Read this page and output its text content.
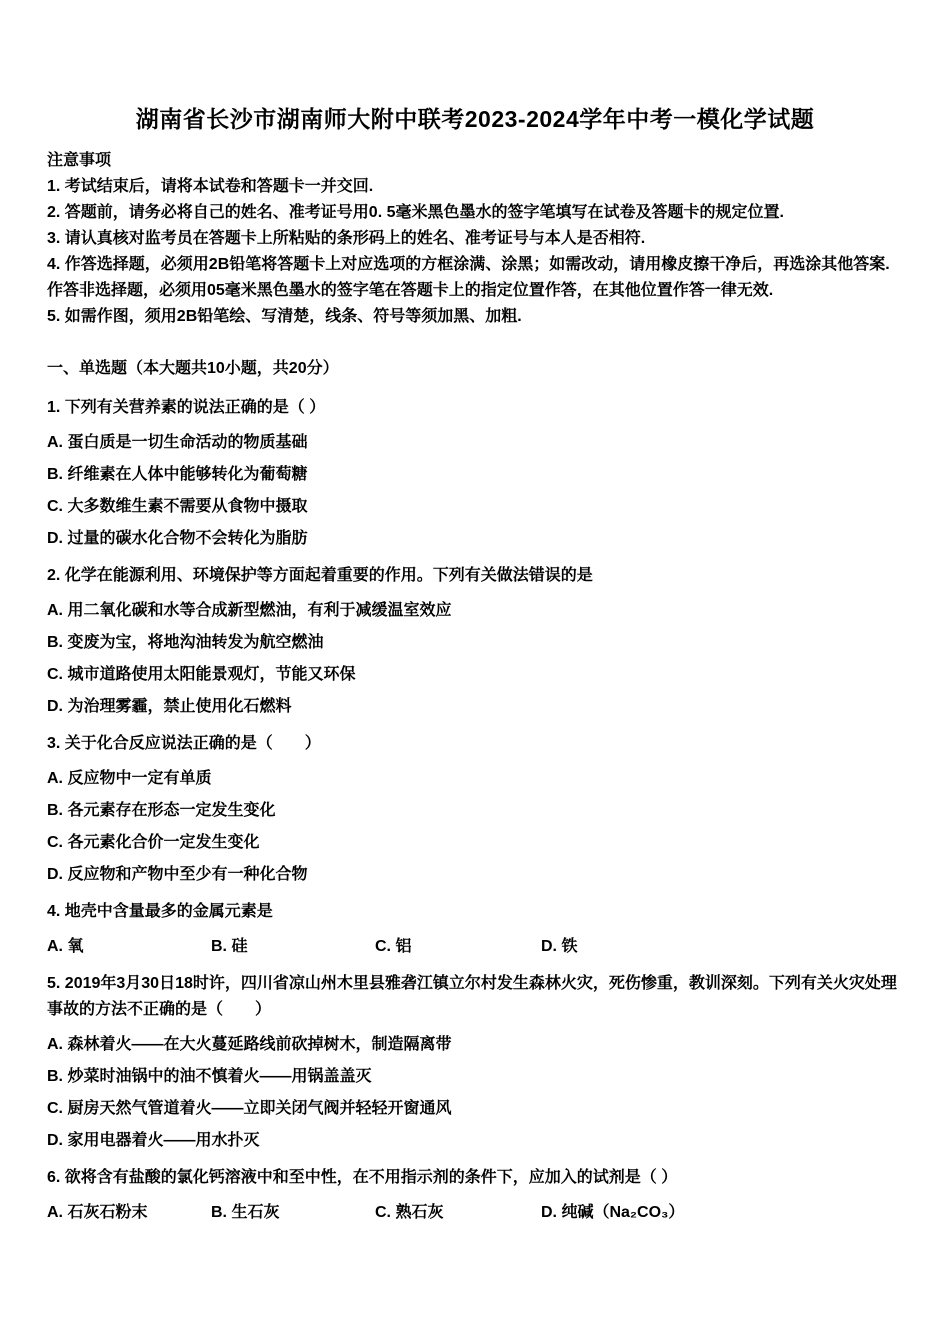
湖南省长沙市湖南师大附中联考2023-2024学年中考一模化学试题
注意事项
1. 考试结束后，请将本试卷和答题卡一并交回.
2. 答题前，请务必将自己的姓名、准考证号用0. 5毫米黑色墨水的签字笔填写在试卷及答题卡的规定位置.
3. 请认真核对监考员在答题卡上所粘贴的条形码上的姓名、准考证号与本人是否相符.
4. 作答选择题，必须用2B铅笔将答题卡上对应选项的方框涂满、涂黑；如需改动，请用橡皮擦干净后，再选涂其他答案. 作答非选择题，必须用05毫米黑色墨水的签字笔在答题卡上的指定位置作答，在其他位置作答一律无效.
5. 如需作图，须用2B铅笔绘、写清楚，线条、符号等须加黑、加粗.
一、单选题（本大题共10小题，共20分）
1. 下列有关营养素的说法正确的是（ ）
A. 蛋白质是一切生命活动的物质基础
B. 纤维素在人体中能够转化为葡萄糖
C. 大多数维生素不需要从食物中摄取
D. 过量的碳水化合物不会转化为脂肪
2. 化学在能源利用、环境保护等方面起着重要的作用。下列有关做法错误的是
A. 用二氧化碳和水等合成新型燃油，有利于减缓温室效应
B. 变废为宝，将地沟油转发为航空燃油
C. 城市道路使用太阳能景观灯，节能又环保
D. 为治理雾霾，禁止使用化石燃料
3. 关于化合反应说法正确的是（　　）
A. 反应物中一定有单质
B. 各元素存在形态一定发生变化
C. 各元素化合价一定发生变化
D. 反应物和产物中至少有一种化合物
4. 地壳中含量最多的金属元素是
A. 氧	B. 硅	C. 铝	D. 铁
5. 2019年3月30日18时许，四川省凉山州木里县雅砻江镇立尔村发生森林火灾，死伤惨重，教训深刻。下列有关火灾处理事故的方法不正确的是（　　）
A. 森林着火——在大火蔓延路线前砍掉树木，制造隔离带
B. 炒菜时油锅中的油不慎着火——用锅盖盖灭
C. 厨房天然气管道着火——立即关闭气阀并轻轻开窗通风
D. 家用电器着火——用水扑灭
6. 欲将含有盐酸的氯化钙溶液中和至中性，在不用指示剂的条件下，应加入的试剂是（ ）
A. 石灰石粉末	B. 生石灰	C. 熟石灰	D. 纯碱（Na₂CO₃）
